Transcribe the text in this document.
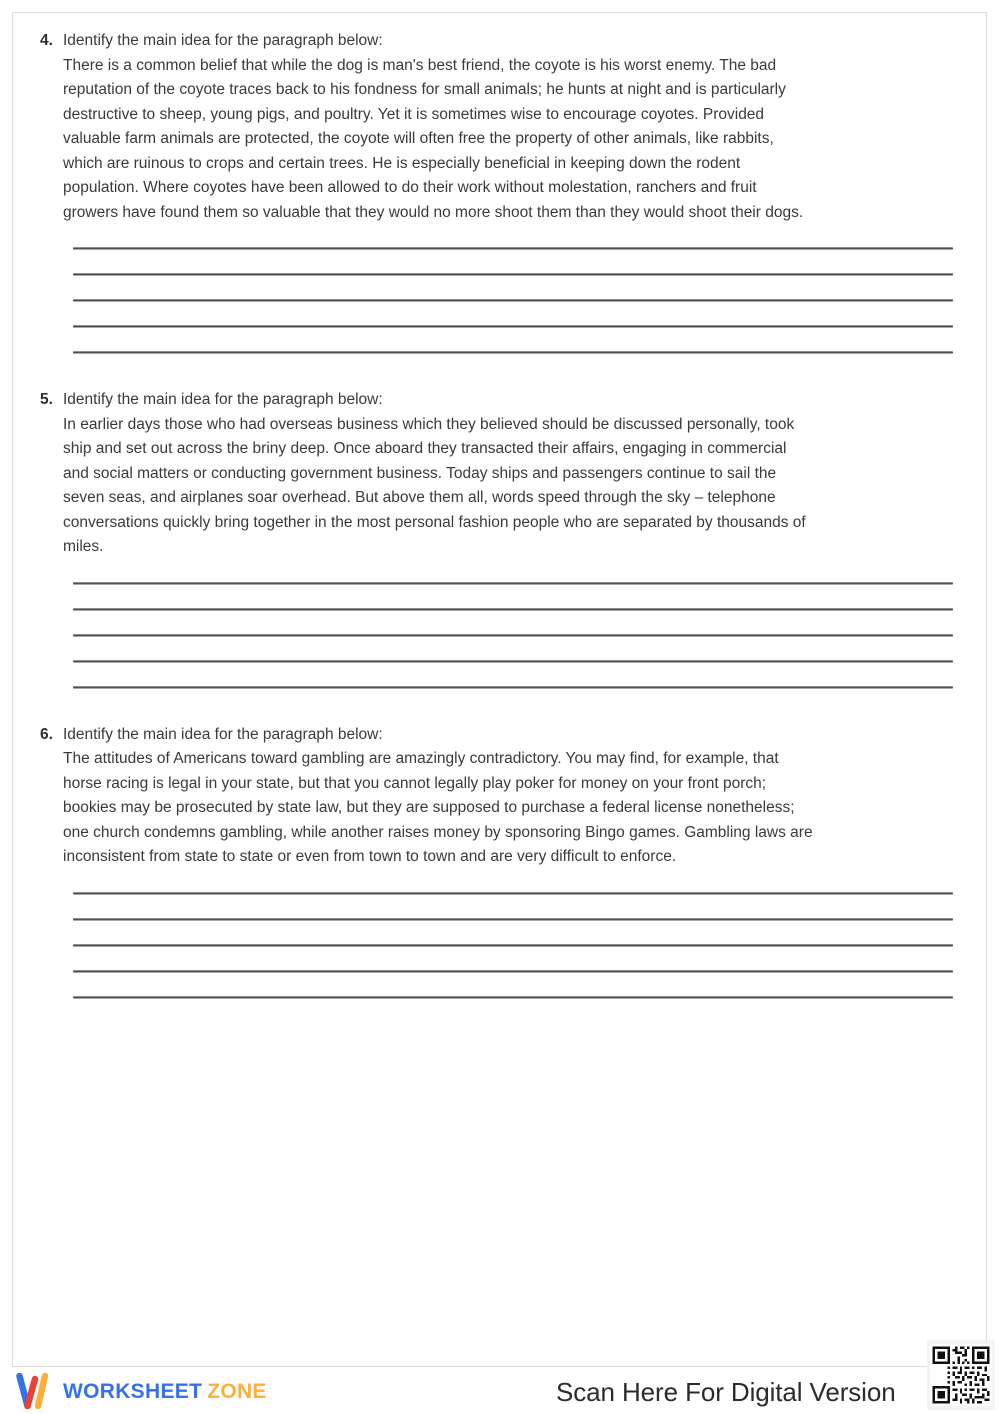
4. Identify the main idea for the paragraph below:
There is a common belief that while the dog is man's best friend, the coyote is his worst enemy. The bad reputation of the coyote traces back to his fondness for small animals; he hunts at night and is particularly destructive to sheep, young pigs, and poultry. Yet it is sometimes wise to encourage coyotes. Provided valuable farm animals are protected, the coyote will often free the property of other animals, like rabbits, which are ruinous to crops and certain trees. He is especially beneficial in keeping down the rodent population. Where coyotes have been allowed to do their work without molestation, ranchers and fruit growers have found them so valuable that they would no more shoot them than they would shoot their dogs.
5. Identify the main idea for the paragraph below:
In earlier days those who had overseas business which they believed should be discussed personally, took ship and set out across the briny deep. Once aboard they transacted their affairs, engaging in commercial and social matters or conducting government business. Today ships and passengers continue to sail the seven seas, and airplanes soar overhead. But above them all, words speed through the sky – telephone conversations quickly bring together in the most personal fashion people who are separated by thousands of miles.
6. Identify the main idea for the paragraph below:
The attitudes of Americans toward gambling are amazingly contradictory. You may find, for example, that horse racing is legal in your state, but that you cannot legally play poker for money on your front porch; bookies may be prosecuted by state law, but they are supposed to purchase a federal license nonetheless; one church condemns gambling, while another raises money by sponsoring Bingo games. Gambling laws are inconsistent from state to state or even from town to town and are very difficult to enforce.
WORKSHEET ZONE	Scan Here For Digital Version
